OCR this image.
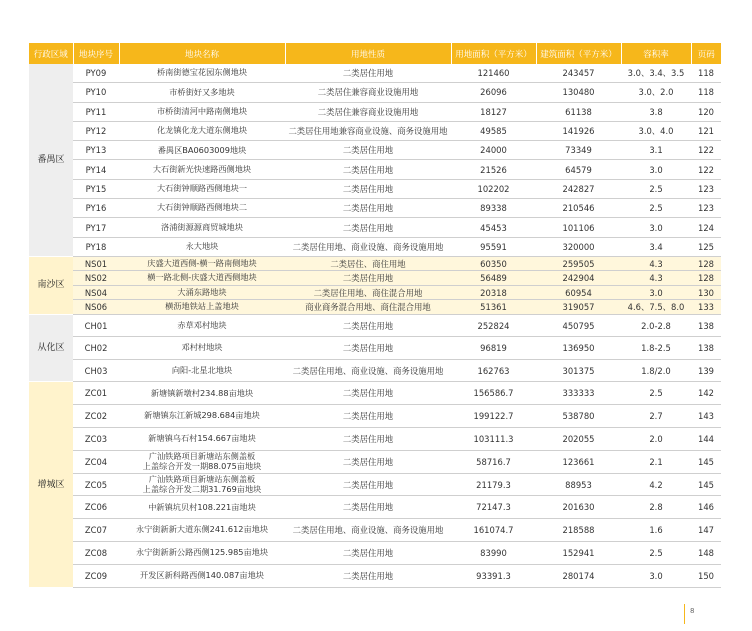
行政区域	地块序号	地块名称	用地性质	用地面积（平方米）	建筑面积（平方米）	容积率	页码
番禺区	PY09	桥南街德宝花园东侧地块	二类居住用地	121460	243457	3.0、3.4、3.5	118
	PY10	市桥街好又多地块	二类居住兼容商业设施用地	26096	130480	3.0、2.0	118
	PY11	市桥街清河中路南侧地块	二类居住兼容商业设施用地	18127	61138	3.8	120
	PY12	化龙镇化龙大道东侧地块	二类居住用地兼容商业设施、商务设施用地	49585	141926	3.0、4.0	121
	PY13	番禺区BA0603009地块	二类居住用地	24000	73349	3.1	122
	PY14	大石街新光快速路西侧地块	二类居住用地	21526	64579	3.0	122
	PY15	大石街钟顺路西侧地块一	二类居住用地	102202	242827	2.5	123
	PY16	大石街钟顺路西侧地块二	二类居住用地	89338	210546	2.5	123
	PY17	洛浦街源源商贸城地块	二类居住用地	45453	101106	3.0	124
	PY18	永大地块	二类居住用地、商业设施、商务设施用地	95591	320000	3.4	125
南沙区	NS01	庆盛大道西侧-横一路南侧地块	二类居住、商住用地	60350	259505	4.3	128
	NS02	横一路北侧-庆盛大道西侧地块	二类居住用地	56489	242904	4.3	128
	NS04	大涌东路地块	二类居住用地、商住混合用地	20318	60954	3.0	130
	NS06	横沥地铁站上盖地块	商业商务混合用地、商住混合用地	51361	319057	4.6、7.5、8.0	133
从化区	CH01	赤草邓村地块	二类居住用地	252824	450795	2.0-2.8	138
	CH02	邓村村地块	二类居住用地	96819	136950	1.8-2.5	138
	CH03	向阳-北星北地块	二类居住用地、商业设施、商务设施用地	162763	301375	1.8/2.0	139
增城区	ZC01	新塘镇新墩村234.88亩地块	二类居住用地	156586.7	333333	2.5	142
	ZC02	新塘镇东江新城298.684亩地块	二类居住用地	199122.7	538780	2.7	143
	ZC03	新塘镇乌石村154.667亩地块	二类居住用地	103111.3	202055	2.0	144
	ZC04	广汕铁路项目新塘站东侧盖板
上盖综合开发一期88.075亩地块	二类居住用地	58716.7	123661	2.1	145
	ZC05	广汕铁路项目新塘站东侧盖板
上盖综合开发二期31.769亩地块	二类居住用地	21179.3	88953	4.2	145
	ZC06	中新镇坑贝村108.221亩地块	二类居住用地	72147.3	201630	2.8	146
	ZC07	永宁街新新大道东侧241.612亩地块	二类居住用地、商业设施、商务设施用地	161074.7	218588	1.6	147
	ZC08	永宁街新新公路西侧125.985亩地块	二类居住用地	83990	152941	2.5	148
	ZC09	开发区新科路西侧140.087亩地块	二类居住用地	93391.3	280174	3.0	150
8
